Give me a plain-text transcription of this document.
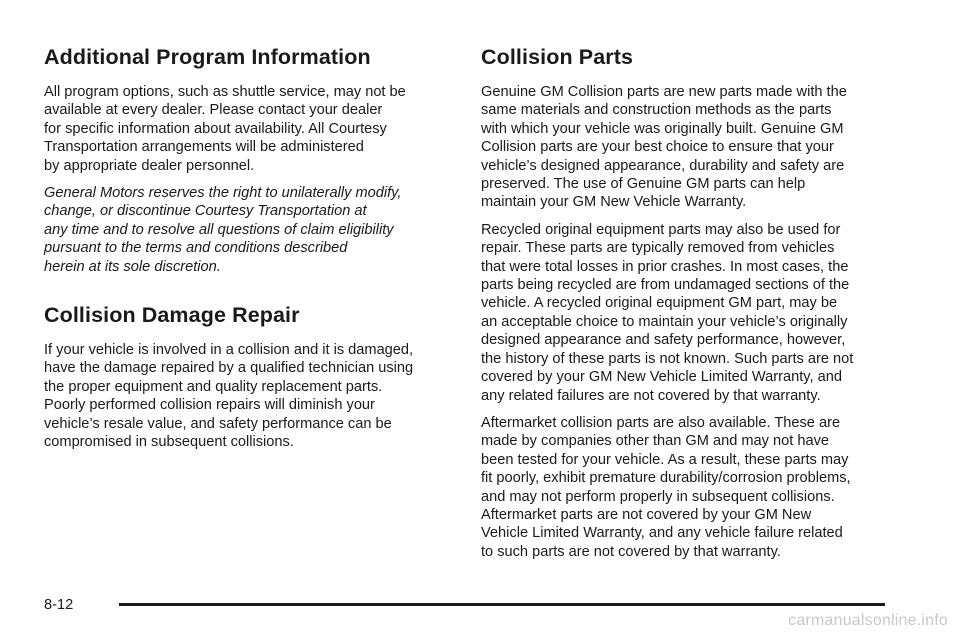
Additional Program Information

All program options, such as shuttle service, may not be
available at every dealer. Please contact your dealer
for specific information about availability. All Courtesy
Transportation arrangements will be administered
by appropriate dealer personnel.

General Motors reserves the right to unilaterally modify,
change, or discontinue Courtesy Transportation at
any time and to resolve all questions of claim eligibility
pursuant to the terms and conditions described
herein at its sole discretion.

Collision Damage Repair

If your vehicle is involved in a collision and it is damaged,
have the damage repaired by a qualified technician using
the proper equipment and quality replacement parts.
Poorly performed collision repairs will diminish your
vehicle’s resale value, and safety performance can be
compromised in subsequent collisions.

Collision Parts

Genuine GM Collision parts are new parts made with the
same materials and construction methods as the parts
with which your vehicle was originally built. Genuine GM
Collision parts are your best choice to ensure that your
vehicle’s designed appearance, durability and safety are
preserved. The use of Genuine GM parts can help
maintain your GM New Vehicle Warranty.

Recycled original equipment parts may also be used for
repair. These parts are typically removed from vehicles
that were total losses in prior crashes. In most cases, the
parts being recycled are from undamaged sections of the
vehicle. A recycled original equipment GM part, may be
an acceptable choice to maintain your vehicle’s originally
designed appearance and safety performance, however,
the history of these parts is not known. Such parts are not
covered by your GM New Vehicle Limited Warranty, and
any related failures are not covered by that warranty.

Aftermarket collision parts are also available. These are
made by companies other than GM and may not have
been tested for your vehicle. As a result, these parts may
fit poorly, exhibit premature durability/corrosion problems,
and may not perform properly in subsequent collisions.
Aftermarket parts are not covered by your GM New
Vehicle Limited Warranty, and any vehicle failure related
to such parts are not covered by that warranty.

8-12
carmanualsonline.info
